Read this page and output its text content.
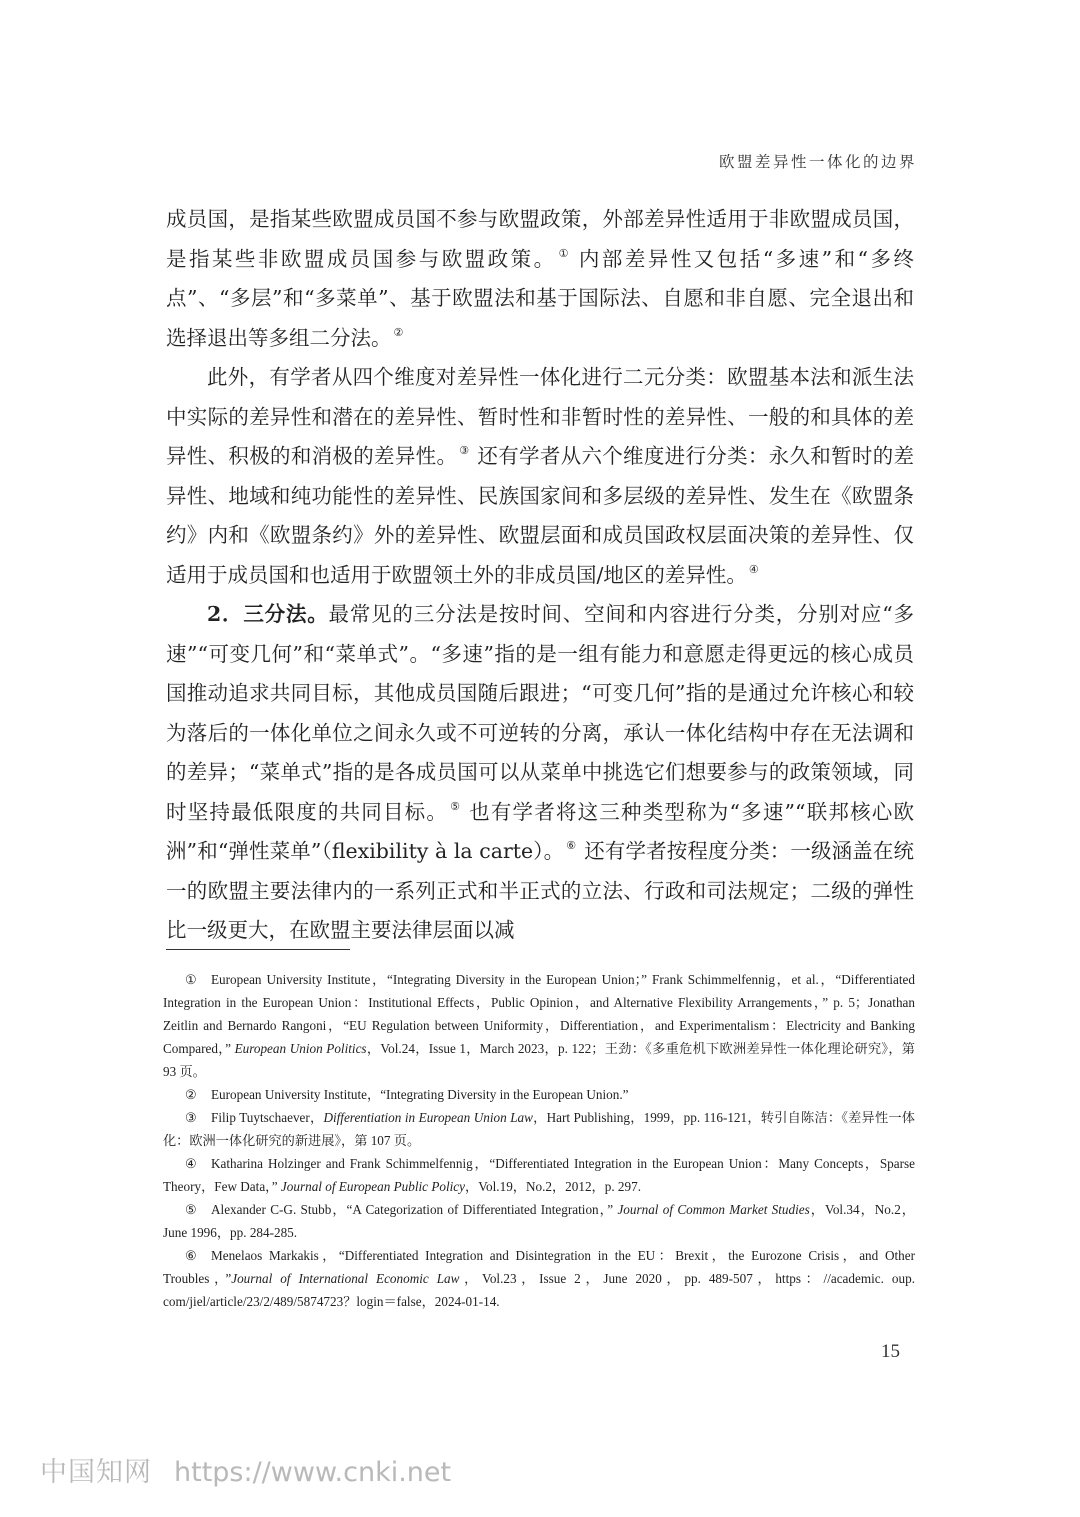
欧盟差异性一体化的边界

成员国，是指某些欧盟成员国不参与欧盟政策，外部差异性适用于非欧盟成员国，是指某些非欧盟成员国参与欧盟政策。 ① 内部差异性又包括“多速”和“多终点”、“多层”和“多菜单”、基于欧盟法和基于国际法、自愿和非自愿、完全退出和选择退出等多组二分法。 ②

此外，有学者从四个维度对差异性一体化进行二元分类：欧盟基本法和派生法中实际的差异性和潜在的差异性、暂时性和非暂时性的差异性、一般的和具体的差异性、积极的和消极的差异性。 ③ 还有学者从六个维度进行分类：永久和暂时的差异性、地域和纯功能性的差异性、民族国家间和多层级的差异性、发生在《欧盟条约》内和《欧盟条约》外的差异性、欧盟层面和成员国政权层面决策的差异性、仅适用于成员国和也适用于欧盟领土外的非成员国/地区的差异性。 ④

2．三分法。最常见的三分法是按时间、空间和内容进行分类，分别对应“多速”“可变几何”和“菜单式”。“多速”指的是一组有能力和意愿走得更远的核心成员国推动追求共同目标，其他成员国随后跟进；“可变几何”指的是通过允许核心和较为落后的一体化单位之间永久或不可逆转的分离，承认一体化结构中存在无法调和的差异；“菜单式”指的是各成员国可以从菜单中挑选它们想要参与的政策领域，同时坚持最低限度的共同目标。 ⑤ 也有学者将这三种类型称为“多速”“联邦核心欧洲”和“弹性菜单”（flexibility à la carte）。 ⑥ 还有学者按程度分类：一级涵盖在统一的欧盟主要法律内的一系列正式和半正式的立法、行政和司法规定；二级的弹性比一级更大，在欧盟主要法律层面以减

① European University Institute，“Integrating Diversity in the European Union；” Frank Schimmelfennig，et al.，“Differentiated Integration in the European Union：Institutional Effects，Public Opinion，and Alternative Flexibility Arrangements，” p. 5；Jonathan Zeitlin and Bernardo Rangoni，“EU Regulation between Uniformity，Differentiation，and Experimentalism：Electricity and Banking Compared，” European Union Politics，Vol.24，Issue 1，March 2023，p. 122；王劲：《多重危机下欧洲差异性一体化理论研究》，第 93 页。

② European University Institute，“Integrating Diversity in the European Union.”

③ Filip Tuytschaever，Differentiation in European Union Law，Hart Publishing，1999，pp. 116-121，转引自陈洁：《差异性一体化：欧洲一体化研究的新进展》，第 107 页。

④ Katharina Holzinger and Frank Schimmelfennig，“Differentiated Integration in the European Union：Many Concepts，Sparse Theory，Few Data，” Journal of European Public Policy，Vol.19，No.2，2012，p. 297.

⑤ Alexander C-G. Stubb，“A Categorization of Differentiated Integration，” Journal of Common Market Studies，Vol.34，No.2，June 1996，pp. 284-285.

⑥ Menelaos Markakis，“Differentiated Integration and Disintegration in the EU：Brexit，the Eurozone Crisis，and Other Troubles，”Journal of International Economic Law，Vol.23，Issue 2，June 2020，pp. 489-507，https：//academic. oup. com/jiel/article/23/2/489/5874723？login＝false，2024-01-14.

15
中国知网 https://www.cnki.net
